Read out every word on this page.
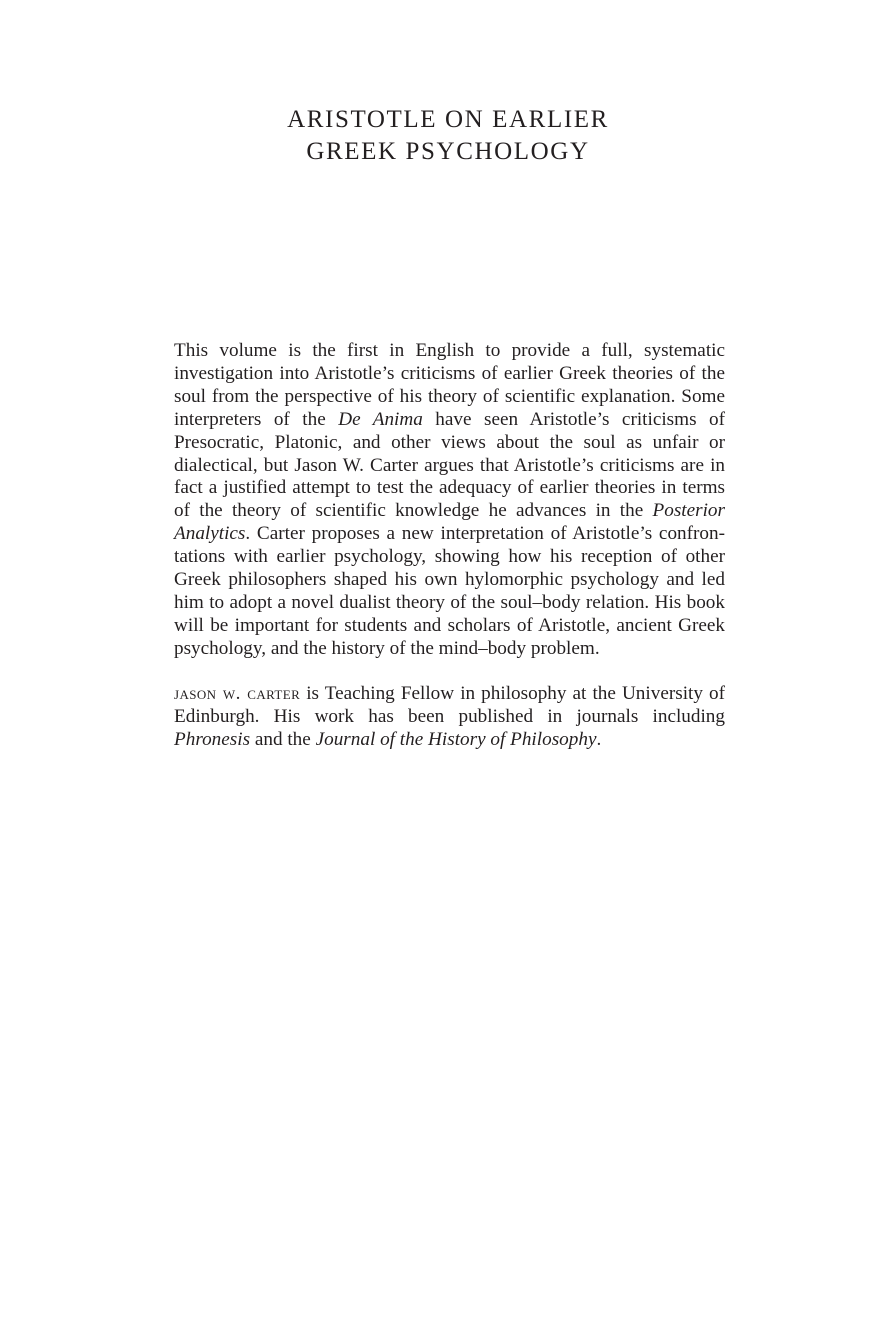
ARISTOTLE ON EARLIER
GREEK PSYCHOLOGY

This volume is the first in English to provide a full, systematic investigation into Aristotle’s criticisms of earlier Greek theories of the soul from the perspective of his theory of scientific explanation. Some interpreters of the De Anima have seen Aristotle’s criticisms of Presocratic, Platonic, and other views about the soul as unfair or dialectical, but Jason W. Carter argues that Aristotle’s criticisms are in fact a justified attempt to test the adequacy of earlier theories in terms of the theory of scientific knowledge he advances in the Posterior Analytics. Carter proposes a new interpretation of Aristotle’s confrontations with earlier psychology, showing how his reception of other Greek philosophers shaped his own hylomorphic psychology and led him to adopt a novel dualist theory of the soul–body relation. His book will be important for students and scholars of Aristotle, ancient Greek psychology, and the history of the mind–body problem.

jason w. carter is Teaching Fellow in philosophy at the University of Edinburgh. His work has been published in journals including Phronesis and the Journal of the History of Philosophy.
